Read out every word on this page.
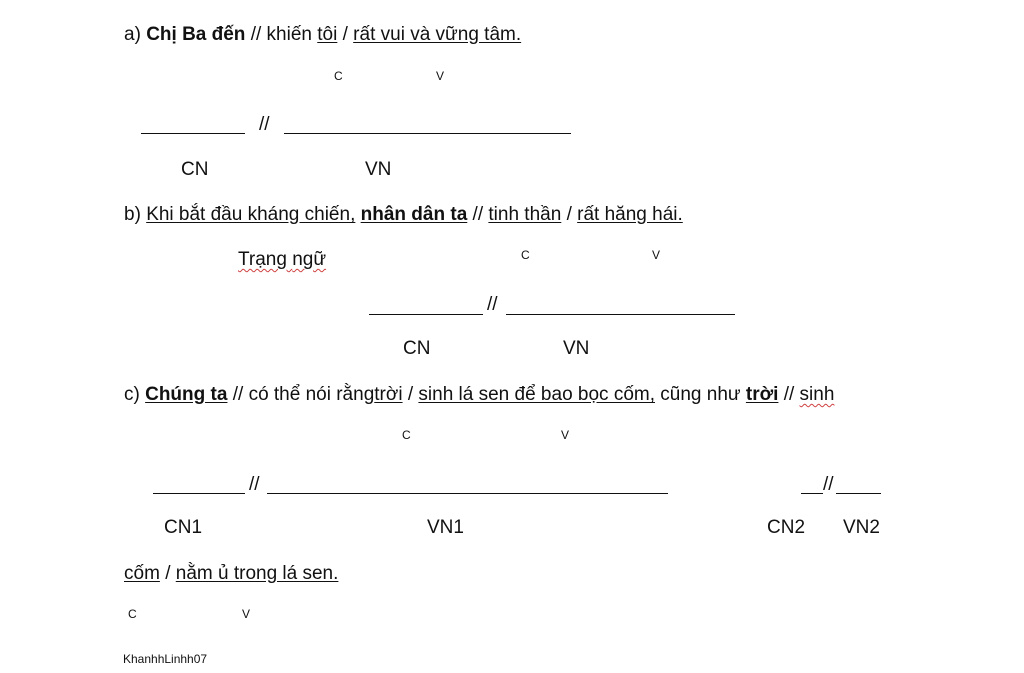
a) Chị Ba đến // khiến tôi / rất vui và vững tâm.
C	V
//
CN	VN
b) Khi bắt đầu kháng chiến, nhân dân ta // tinh thần / rất hăng hái.
Trạng ngữ	C	V
//
CN	VN
c) Chúng ta // có thể nói rằngtrời / sinh lá sen để bao bọc cốm, cũng như trời // sinh
C	V
//	//
CN1	VN1	CN2 VN2
cốm / nằm ủ trong lá sen.
C	V
KhanhhLinhh07
